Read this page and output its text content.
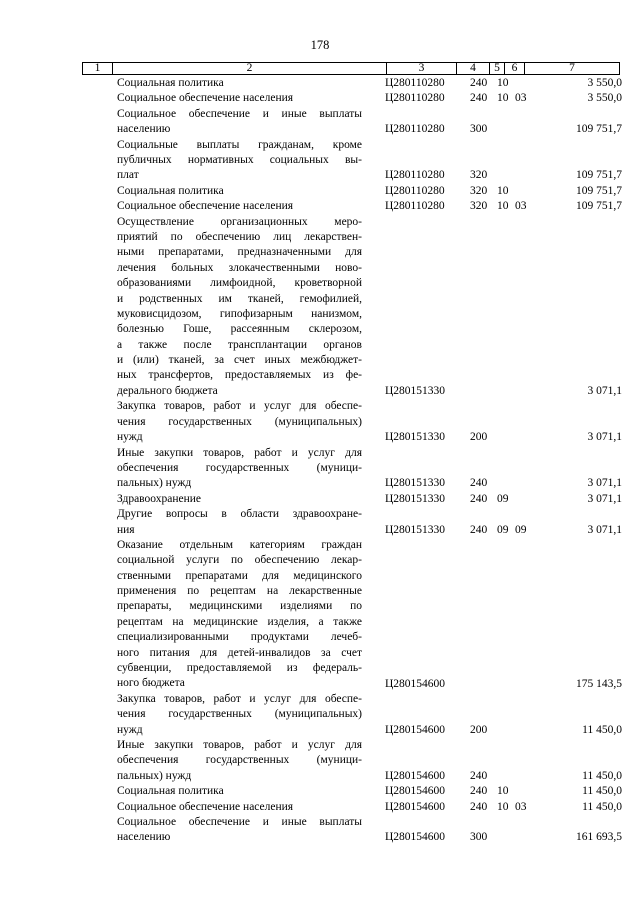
178
1	2	3	4	5	6	7
Социальная политика	Ц280110280 240 10	3 550,0
Социальное обеспечение населения	Ц280110280 240 10 03	3 550,0
Социальное обеспечение и иные выплаты
населению	Ц280110280 300	109 751,7
Социальные выплаты гражданам, кроме
публичных нормативных социальных вы-
плат	Ц280110280 320	109 751,7
Социальная политика	Ц280110280 320 10	109 751,7
Социальное обеспечение населения	Ц280110280 320 10 03	109 751,7
Осуществление организационных меро-
приятий по обеспечению лиц лекарствен-
ными препаратами, предназначенными для
лечения больных злокачественными ново-
образованиями лимфоидной, кроветворной
и родственных им тканей, гемофилией,
муковисцидозом, гипофизарным нанизмом,
болезнью Гоше, рассеянным склерозом,
а также после трансплантации органов
и (или) тканей, за счет иных межбюджет-
ных трансфертов, предоставляемых из фе-
дерального бюджета	Ц280151330	3 071,1
Закупка товаров, работ и услуг для обеспе-
чения государственных (муниципальных)
нужд	Ц280151330 200	3 071,1
Иные закупки товаров, работ и услуг для
обеспечения государственных (муници-
пальных) нужд	Ц280151330 240	3 071,1
Здравоохранение	Ц280151330 240 09	3 071,1
Другие вопросы в области здравоохране-
ния	Ц280151330 240 09 09	3 071,1
Оказание отдельным категориям граждан
социальной услуги по обеспечению лекар-
ственными препаратами для медицинского
применения по рецептам на лекарственные
препараты, медицинскими изделиями по
рецептам на медицинские изделия, а также
специализированными продуктами лечеб-
ного питания для детей-инвалидов за счет
субвенции, предоставляемой из федераль-
ного бюджета	Ц280154600	175 143,5
Закупка товаров, работ и услуг для обеспе-
чения государственных (муниципальных)
нужд	Ц280154600 200	11 450,0
Иные закупки товаров, работ и услуг для
обеспечения государственных (муници-
пальных) нужд	Ц280154600 240	11 450,0
Социальная политика	Ц280154600 240 10	11 450,0
Социальное обеспечение населения	Ц280154600 240 10 03	11 450,0
Социальное обеспечение и иные выплаты
населению	Ц280154600 300	161 693,5
